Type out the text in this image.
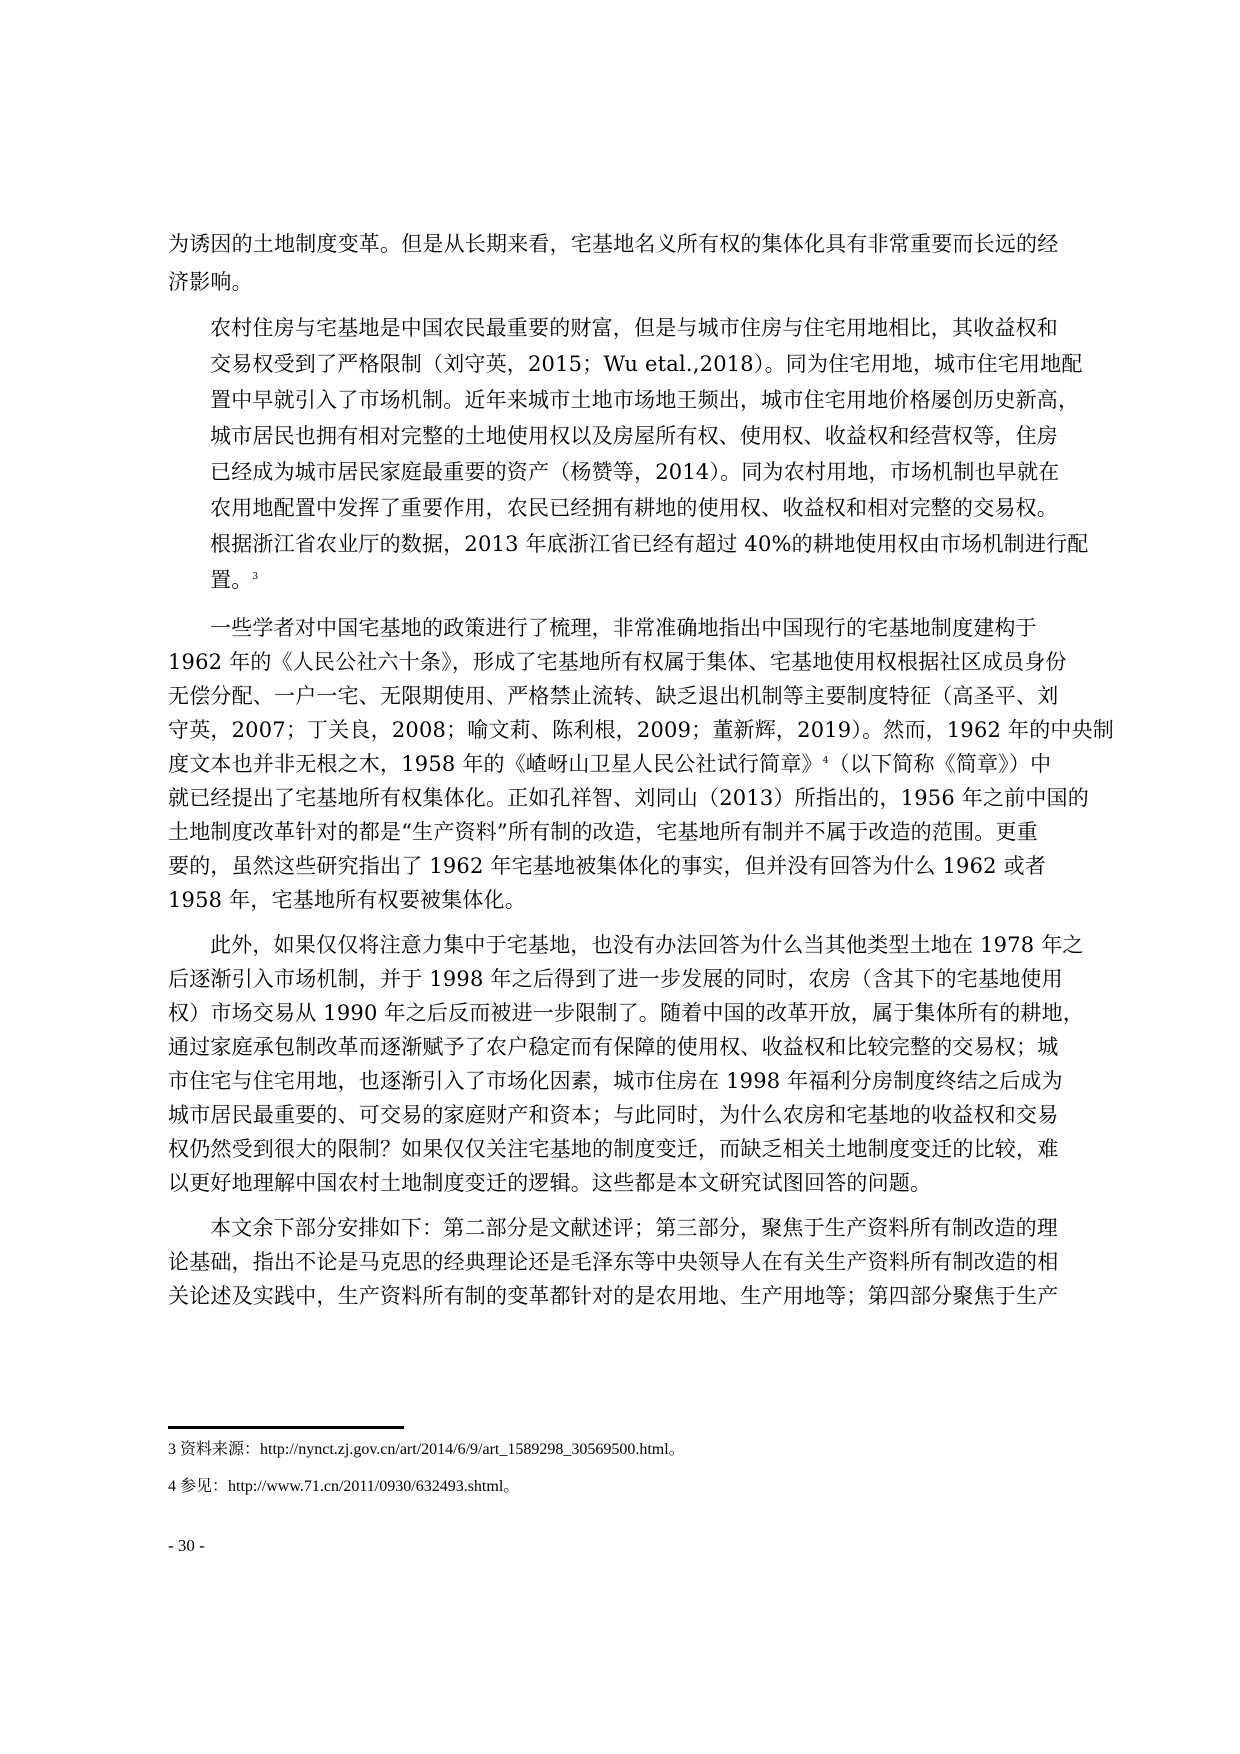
为诱因的土地制度变革。但是从长期来看，宅基地名义所有权的集体化具有非常重要而长远的经
济影响。
农村住房与宅基地是中国农民最重要的财富，但是与城市住房与住宅用地相比，其收益权和
交易权受到了严格限制（刘守英，2015；Wu etal.,2018）。同为住宅用地，城市住宅用地配
置中早就引入了市场机制。近年来城市土地市场地王频出，城市住宅用地价格屡创历史新高，
城市居民也拥有相对完整的土地使用权以及房屋所有权、使用权、收益权和经营权等，住房
已经成为城市居民家庭最重要的资产（杨赞等，2014）。同为农村用地，市场机制也早就在
农用地配置中发挥了重要作用，农民已经拥有耕地的使用权、收益权和相对完整的交易权。
根据浙江省农业厅的数据，2013 年底浙江省已经有超过 40%的耕地使用权由市场机制进行配
置。$^3$
一些学者对中国宅基地的政策进行了梳理，非常准确地指出中国现行的宅基地制度建构于
1962 年的《人民公社六十条》，形成了宅基地所有权属于集体、宅基地使用权根据社区成员身份
无偿分配、一户一宅、无限期使用、严格禁止流转、缺乏退出机制等主要制度特征（高圣平、刘
守英，2007；丁关良，2008；喻文莉、陈利根，2009；董新辉，2019）。然而，1962 年的中央制
度文本也并非无根之木，1958 年的《嵖岈山卫星人民公社试行简章》$^4$（以下简称《简章》）中
就已经提出了宅基地所有权集体化。正如孔祥智、刘同山（2013）所指出的，1956 年之前中国的
土地制度改革针对的都是“生产资料”所有制的改造，宅基地所有制并不属于改造的范围。更重
要的，虽然这些研究指出了 1962 年宅基地被集体化的事实，但并没有回答为什么 1962 或者
1958 年，宅基地所有权要被集体化。
此外，如果仅仅将注意力集中于宅基地，也没有办法回答为什么当其他类型土地在 1978 年之
后逐渐引入市场机制，并于 1998 年之后得到了进一步发展的同时，农房（含其下的宅基地使用
权）市场交易从 1990 年之后反而被进一步限制了。随着中国的改革开放，属于集体所有的耕地，
通过家庭承包制改革而逐渐赋予了农户稳定而有保障的使用权、收益权和比较完整的交易权；城
市住宅与住宅用地，也逐渐引入了市场化因素，城市住房在 1998 年福利分房制度终结之后成为
城市居民最重要的、可交易的家庭财产和资本；与此同时，为什么农房和宅基地的收益权和交易
权仍然受到很大的限制？如果仅仅关注宅基地的制度变迁，而缺乏相关土地制度变迁的比较，难
以更好地理解中国农村土地制度变迁的逻辑。这些都是本文研究试图回答的问题。
本文余下部分安排如下：第二部分是文献述评；第三部分，聚焦于生产资料所有制改造的理
论基础，指出不论是马克思的经典理论还是毛泽东等中央领导人在有关生产资料所有制改造的相
关论述及实践中，生产资料所有制的变革都针对的是农用地、生产用地等；第四部分聚焦于生产
3 资料来源：http://nynct.zj.gov.cn/art/2014/6/9/art_1589298_30569500.html。
4 参见：http://www.71.cn/2011/0930/632493.shtml。
- 30 -
